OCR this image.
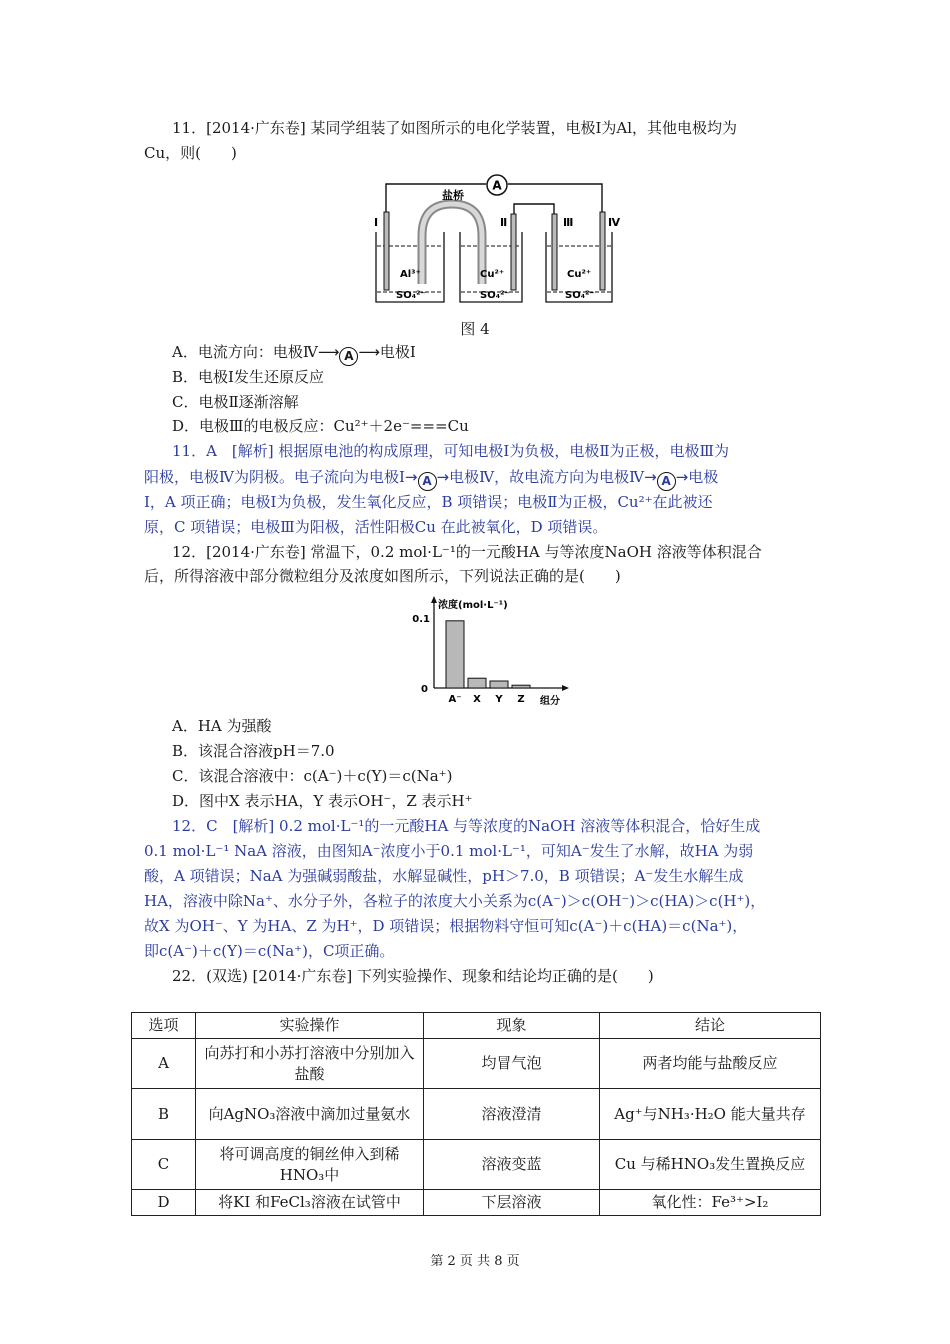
11．[2014·广东卷] 某同学组装了如图所示的电化学装置，电极Ⅰ为Al，其他电极均为
Cu，则(　　)
A
盐桥
Ⅰ	Ⅱ	Ⅲ	Ⅳ
Al³⁺	Cu²⁺	Cu²⁺
SO₄²⁻	SO₄²⁻	SO₄²⁻
图 4
A．电流方向：电极Ⅳ⟶ A ⟶电极Ⅰ
B．电极Ⅰ发生还原反应
C．电极Ⅱ逐渐溶解
D．电极Ⅲ的电极反应：Cu²⁺＋2e⁻===Cu
11．A　[解析] 根据原电池的构成原理，可知电极Ⅰ为负极，电极Ⅱ为正极，电极Ⅲ为
阳极，电极Ⅳ为阴极。电子流向为电极Ⅰ→ A →电极Ⅳ，故电流方向为电极Ⅳ→ A →电极
Ⅰ，A 项正确；电极Ⅰ为负极，发生氧化反应，B 项错误；电极Ⅱ为正极，Cu²⁺在此被还
原，C 项错误；电极Ⅲ为阳极，活性阳极Cu 在此被氧化，D 项错误。
12．[2014·广东卷] 常温下，0.2 mol·L⁻¹的一元酸HA 与等浓度NaOH 溶液等体积混合
后，所得溶液中部分微粒组分及浓度如图所示，下列说法正确的是(　　)
浓度(mol·L⁻¹)
组分
0
0.1
A⁻ X Y Z
A．HA 为强酸
B．该混合溶液pH＝7.0
C．该混合溶液中：c(A⁻)＋c(Y)＝c(Na⁺)
D．图中X 表示HA，Y 表示OH⁻，Z 表示H⁺
12．C　[解析] 0.2 mol·L⁻¹的一元酸HA 与等浓度的NaOH 溶液等体积混合，恰好生成
0.1 mol·L⁻¹ NaA 溶液，由图知A⁻浓度小于0.1 mol·L⁻¹，可知A⁻发生了水解，故HA 为弱
酸，A 项错误；NaA 为强碱弱酸盐，水解显碱性，pH＞7.0，B 项错误；A⁻发生水解生成
HA，溶液中除Na⁺、水分子外，各粒子的浓度大小关系为c(A⁻)＞c(OH⁻)＞c(HA)＞c(H⁺)，
故X 为OH⁻、Y 为HA、Z 为H⁺，D 项错误；根据物料守恒可知c(A⁻)＋c(HA)＝c(Na⁺)，
即c(A⁻)＋c(Y)＝c(Na⁺)，C项正确。
22．(双选) [2014·广东卷] 下列实验操作、现象和结论均正确的是(　　)
选项	实验操作	现象	结论
A	向苏打和小苏打溶液中分别加入盐酸	均冒气泡	两者均能与盐酸反应
B	向AgNO₃溶液中滴加过量氨水	溶液澄清	Ag⁺与NH₃·H₂O 能大量共存
C	将可调高度的铜丝伸入到稀HNO₃中	溶液变蓝	Cu 与稀HNO₃发生置换反应
D	将KI 和FeCl₃溶液在试管中	下层溶液	氧化性：Fe³⁺>I₂
第 2 页 共 8 页
